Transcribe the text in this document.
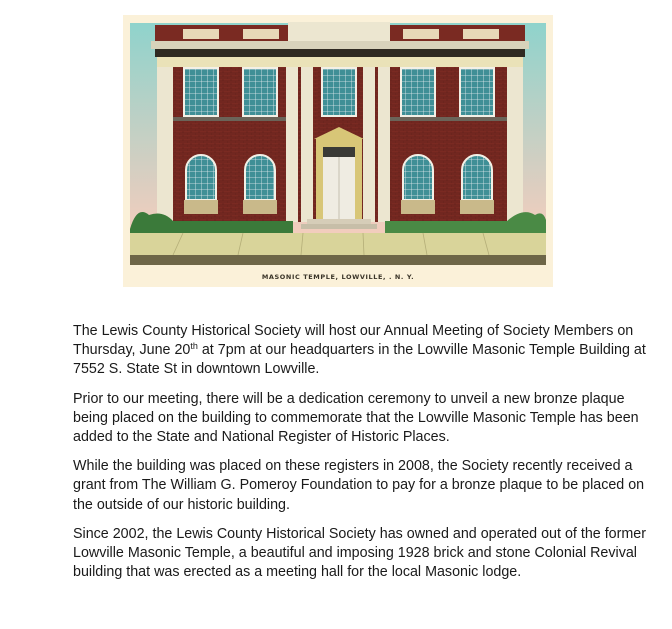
MASONIC TEMPLE, LOWVILLE, . N. Y.

The Lewis County Historical Society will host our Annual Meeting of Society Members on Thursday, June 20th at 7pm at our headquarters in the Lowville Masonic Temple Building at 7552 S. State St in downtown Lowville.

Prior to our meeting, there will be a dedication ceremony to unveil a new bronze plaque being placed on the building to commemorate that the Lowville Masonic Temple has been added to the State and National Register of Historic Places.

While the building was placed on these registers in 2008, the Society recently received a grant from The William G. Pomeroy Foundation to pay for a bronze plaque to be placed on the outside of our historic building.

Since 2002, the Lewis County Historical Society has owned and operated out of the former Lowville Masonic Temple, a beautiful and imposing 1928 brick and stone Colonial Revival building that was erected as a meeting hall for the local Masonic lodge.
